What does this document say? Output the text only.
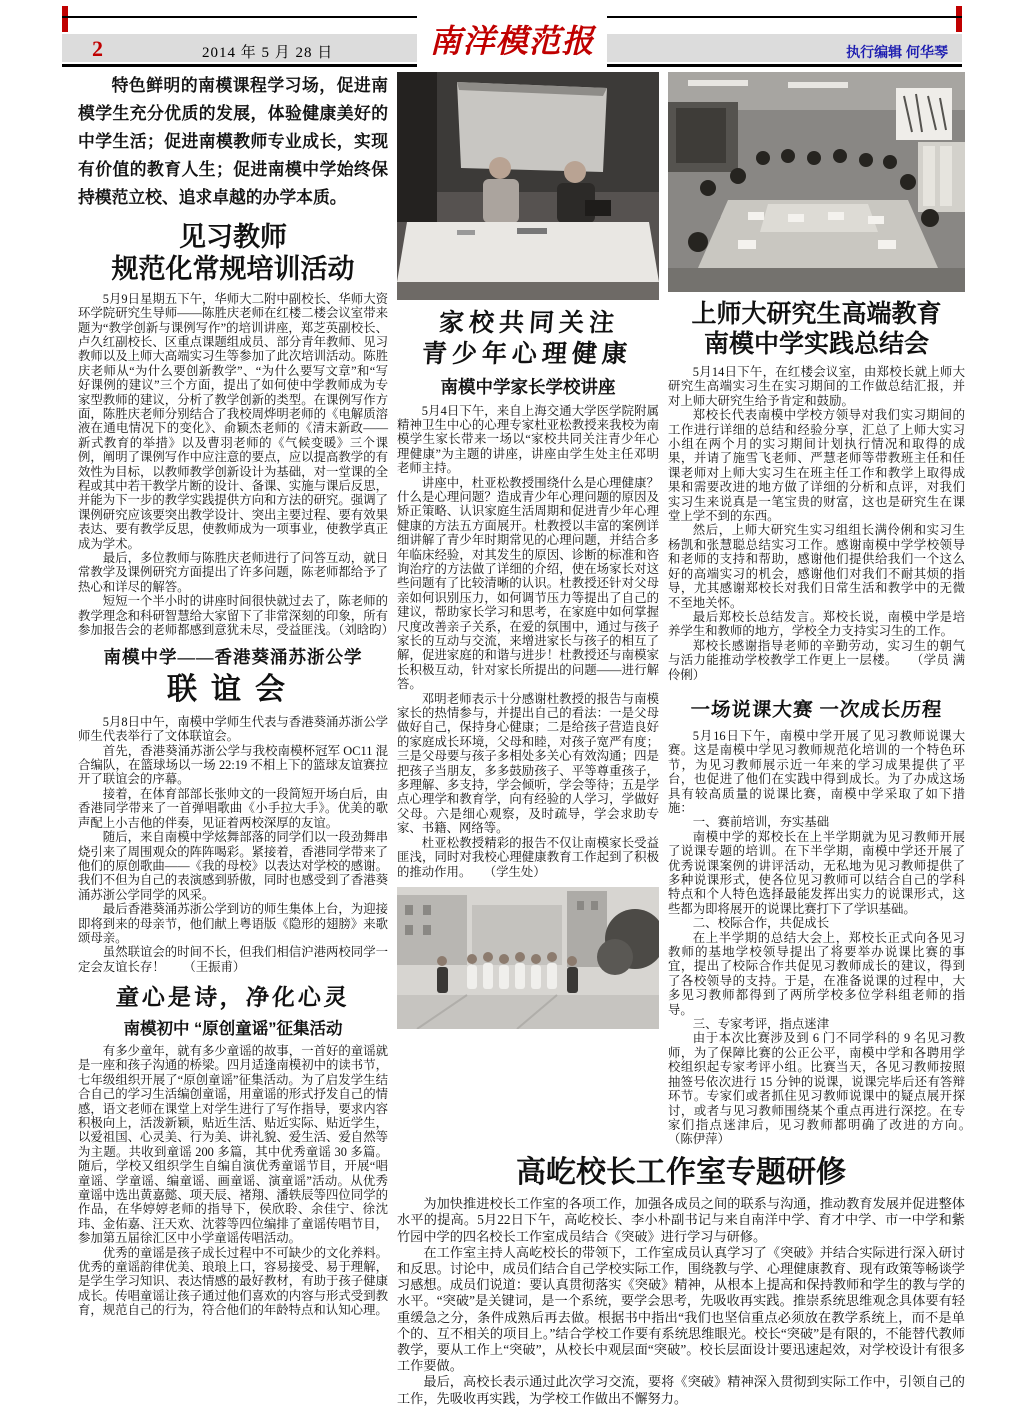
2	2014 年 5 月 28 日	执行编辑 何华琴
南洋模范报

特色鲜明的南模课程学习场，促进南模学生充分优质的发展，体验健康美好的中学生活；促进南模教师专业成长，实现有价值的教育人生；促进南模中学始终保持模范立校、追求卓越的办学本质。

见习教师
规范化常规培训活动

5月9日星期五下午，华师大二附中副校长、华师大资环学院研究生导师——陈胜庆老师在红楼二楼会议室带来题为“教学创新与课例写作”的培训讲座，郑芝英副校长、卢久红副校长、区重点课题组成员、部分青年教师、见习教师以及上师大高端实习生等参加了此次培训活动。陈胜庆老师从“为什么要创新教学”、“为什么要写文章”和“写好课例的建议”三个方面，提出了如何使中学教师成为专家型教师的建议，分析了教学创新的类型。在课例写作方面，陈胜庆老师分别结合了我校周烨明老师的《电解质溶液在通电情况下的变化》、俞颖杰老师的《清末新政——新式教育的举措》以及曹羽老师的《气候变暖》三个课例，阐明了课例写作中应注意的要点，应以提高教学的有效性为目标，以教师教学创新设计为基础，对一堂课的全程或其中若干教学片断的设计、备课、实施与课后反思，并能为下一步的教学实践提供方向和方法的研究。强调了课例研究应该要突出教学设计、突出主要过程、要有效果表达、要有教学反思，使教师成为一项事业，使教学真正成为学术。

最后，多位教师与陈胜庆老师进行了问答互动，就日常教学及课例研究方面提出了许多问题，陈老师都给予了热心和详尽的解答。

短短一个半小时的讲座时间很快就过去了，陈老师的教学理念和科研智慧给大家留下了非常深刻的印象，所有参加报告会的老师都感到意犹未尽，受益匪浅。（刘晗昀）

南模中学——香港葵涌苏浙公学
联谊会

5月8日中午，南模中学师生代表与香港葵涌苏浙公学师生代表举行了文体联谊会。

首先，香港葵涌苏浙公学与我校南模杯冠军 OC11 混合编队，在篮球场以一场 22:19 不相上下的篮球友谊赛拉开了联谊会的序幕。

接着，在体育部部长张帅文的一段简短开场白后，由香港同学带来了一首弹唱歌曲《小手拉大手》。优美的歌声配上小吉他的伴奏，见证着两校深厚的友谊。

随后，来自南模中学炫舞部落的同学们以一段劲舞串烧引来了周围观众的阵阵喝彩。紧接着，香港同学带来了他们的原创歌曲——《我的母校》以表达对学校的感谢。我们不但为自己的表演感到骄傲，同时也感受到了香港葵涌苏浙公学同学的风采。

最后香港葵涌苏浙公学到访的师生集体上台，为迎接即将到来的母亲节，他们献上粤语版《隐形的翅膀》来歌颂母亲。

虽然联谊会的时间不长，但我们相信沪港两校同学一定会友谊长存！　　（王振甫）

童心是诗，净化心灵
南模初中 “原创童谣”征集活动

有多少童年，就有多少童谣的故事，一首好的童谣就是一座和孩子沟通的桥梁。四月适逢南模初中的读书节，七年级组织开展了“原创童谣”征集活动。为了启发学生结合自己的学习生活编创童谣，用童谣的形式抒发自己的情感，语文老师在课堂上对学生进行了写作指导，要求内容积极向上，活泼新颖，贴近生活、贴近实际、贴近学生，以爱祖国、心灵美、行为美、讲礼貌、爱生活、爱自然等为主题。共收到童谣 200 多篇，其中优秀童谣 30 多篇。随后，学校又组织学生自编自演优秀童谣节目，开展“唱童谣、学童谣、编童谣、画童谣、演童谣”活动。从优秀童谣中选出黄嘉懿、项天辰、褚翔、潘轶辰等四位同学的作品，在华婷婷老师的指导下，侯欣聆、余佳宁、徐沈玮、金佑嘉、汪天欢、沈蓉等四位编排了童谣传唱节目，参加第五届徐汇区中小学童谣传唱活动。

优秀的童谣是孩子成长过程中不可缺少的文化养料。优秀的童谣韵律优美、琅琅上口，容易接受、易于理解，是学生学习知识、表达情感的最好教材，有助于孩子健康成长。传唱童谣让孩子通过他们喜欢的内容与形式受到教育，规范自己的行为，符合他们的年龄特点和认知心理。

家校共同关注
青少年心理健康
南模中学家长学校讲座

5月4日下午，来自上海交通大学医学院附属精神卫生中心的心理专家杜亚松教授来我校为南模学生家长带来一场以“家校共同关注青少年心理健康”为主题的讲座，讲座由学生处主任邓明老师主持。

讲座中，杜亚松教授围绕什么是心理健康？什么是心理问题？造成青少年心理问题的原因及矫正策略、认识家庭生活周期和促进青少年心理健康的方法五方面展开。杜教授以丰富的案例详细讲解了青少年时期常见的心理问题，并结合多年临床经验，对其发生的原因、诊断的标准和咨询治疗的方法做了详细的介绍，使在场家长对这些问题有了比较清晰的认识。杜教授还针对父母亲如何识别压力，如何调节压力等提出了自己的建议，帮助家长学习和思考，在家庭中如何掌握尺度改善亲子关系，在爱的氛围中，通过与孩子家长的互动与交流，来增进家长与孩子的相互了解，促进家庭的和谐与进步！杜教授还与南模家长积极互动，针对家长所提出的问题——进行解答。

邓明老师表示十分感谢杜教授的报告与南模家长的热情参与，并提出自己的看法：一是父母做好自己，保持身心健康；二是给孩子营造良好的家庭成长环境，父母和睦，对孩子宽严有度；三是父母要与孩子多相处多关心有效沟通；四是把孩子当朋友，多多鼓励孩子、平等尊重孩子，多理解、多支持，学会倾听，学会等待；五是学点心理学和教育学，向有经验的人学习，学做好父母。六是细心观察，及时疏导，学会求助专家、书籍、网络等。

杜亚松教授精彩的报告不仅让南模家长受益匪浅，同时对我校心理健康教育工作起到了积极的推动作用。　　（学生处）

上师大研究生高端教育
南模中学实践总结会

5月14日下午，在红楼会议室，由郑校长就上师大研究生高端实习生在实习期间的工作做总结汇报，并对上师大研究生给予肯定和鼓励。

郑校长代表南模中学校方领导对我们实习期间的工作进行详细的总结和经验分享，汇总了上师大实习小组在两个月的实习期间计划执行情况和取得的成果，并请了施雪飞老师、严慧老师等带教班主任和任课老师对上师大实习生在班主任工作和教学上取得成果和需要改进的地方做了详细的分析和点评，对我们实习生来说真是一笔宝贵的财富，这也是研究生在课堂上学不到的东西。

然后，上师大研究生实习组组长满伶俐和实习生杨凯和张慧聪总结实习工作。感谢南模中学学校领导和老师的支持和帮助，感谢他们提供给我们一个这么好的高端实习的机会，感谢他们对我们不耐其烦的指导，尤其感谢郑校长对我们日常生活和教学中的无微不至地关怀。

最后郑校长总结发言。郑校长说，南模中学是培养学生和教师的地方，学校全力支持实习生的工作。

郑校长感谢指导老师的辛勤劳动，实习生的朝气与活力能推动学校教学工作更上一层楼。　　（学员 满伶俐）

一场说课大赛 一次成长历程

5月16日下午，南模中学开展了见习教师说课大赛。这是南模中学见习教师规范化培训的一个特色环节，为见习教师展示近一年来的学习成果提供了平台，也促进了他们在实践中得到成长。为了办成这场具有较高质量的说课比赛，南模中学采取了如下措施：

一、赛前培训，夯实基础

南模中学的郑校长在上半学期就为见习教师开展了说课专题的培训。在下半学期，南模中学还开展了优秀说课案例的讲评活动，无私地为见习教师提供了多种说课形式，使各位见习教师可以结合自己的学科特点和个人特色选择最能发挥出实力的说课形式，这些都为即将展开的说课比赛打下了学识基础。

二、校际合作，共促成长

在上半学期的总结大会上，郑校长正式向各见习教师的基地学校领导提出了将要举办说课比赛的事宜，提出了校际合作共促见习教师成长的建议，得到了各校领导的支持。于是，在准备说课的过程中，大多见习教师都得到了两所学校多位学科组老师的指导。

三、专家考评，指点迷津

由于本次比赛涉及到 6 门不同学科的 9 名见习教师，为了保障比赛的公正公平，南模中学和各聘用学校组织起专家考评小组。比赛当天，各见习教师按照抽签号依次进行 15 分钟的说课，说课完毕后还有答辩环节。专家们或者抓住见习教师说课中的疑点展开探讨，或者与见习教师围绕某个重点再进行深挖。在专家们指点迷津后，见习教师都明确了改进的方向。　　（陈伊萍）

高屹校长工作室专题研修

为加快推进校长工作室的各项工作，加强各成员之间的联系与沟通，推动教育发展并促进整体水平的提高。5月22日下午，高屹校长、李小朴副书记与来自南洋中学、育才中学、市一中学和紫竹园中学的四名校长工作室成员结合《突破》进行学习与研修。

在工作室主持人高屹校长的带领下，工作室成员认真学习了《突破》并结合实际进行深入研讨和反思。讨论中，成员们结合自己学校实际工作，围绕教与学、心理健康教育、现有政策等畅谈学习感想。成员们说道：要认真贯彻落实《突破》精神，从根本上提高和保持教师和学生的教与学的水平。“突破”是关键词，是一个系统，要学会思考，先吸收再实践。推崇系统思维观念具体要有轻重缓急之分，条件成熟后再去做。根据书中指出“我们也坚信重点必须放在教学系统上，而不是单个的、互不相关的项目上。”结合学校工作要有系统思维眼光。校长“突破”是有限的，不能替代教师教学，要从工作上“突破”，从校长中观层面“突破”。校长层面设计要迅速起效，对学校设计有很多工作要做。

最后，高校长表示通过此次学习交流，要将《突破》精神深入贯彻到实际工作中，引领自己的工作，先吸收再实践，为学校工作做出不懈努力。
